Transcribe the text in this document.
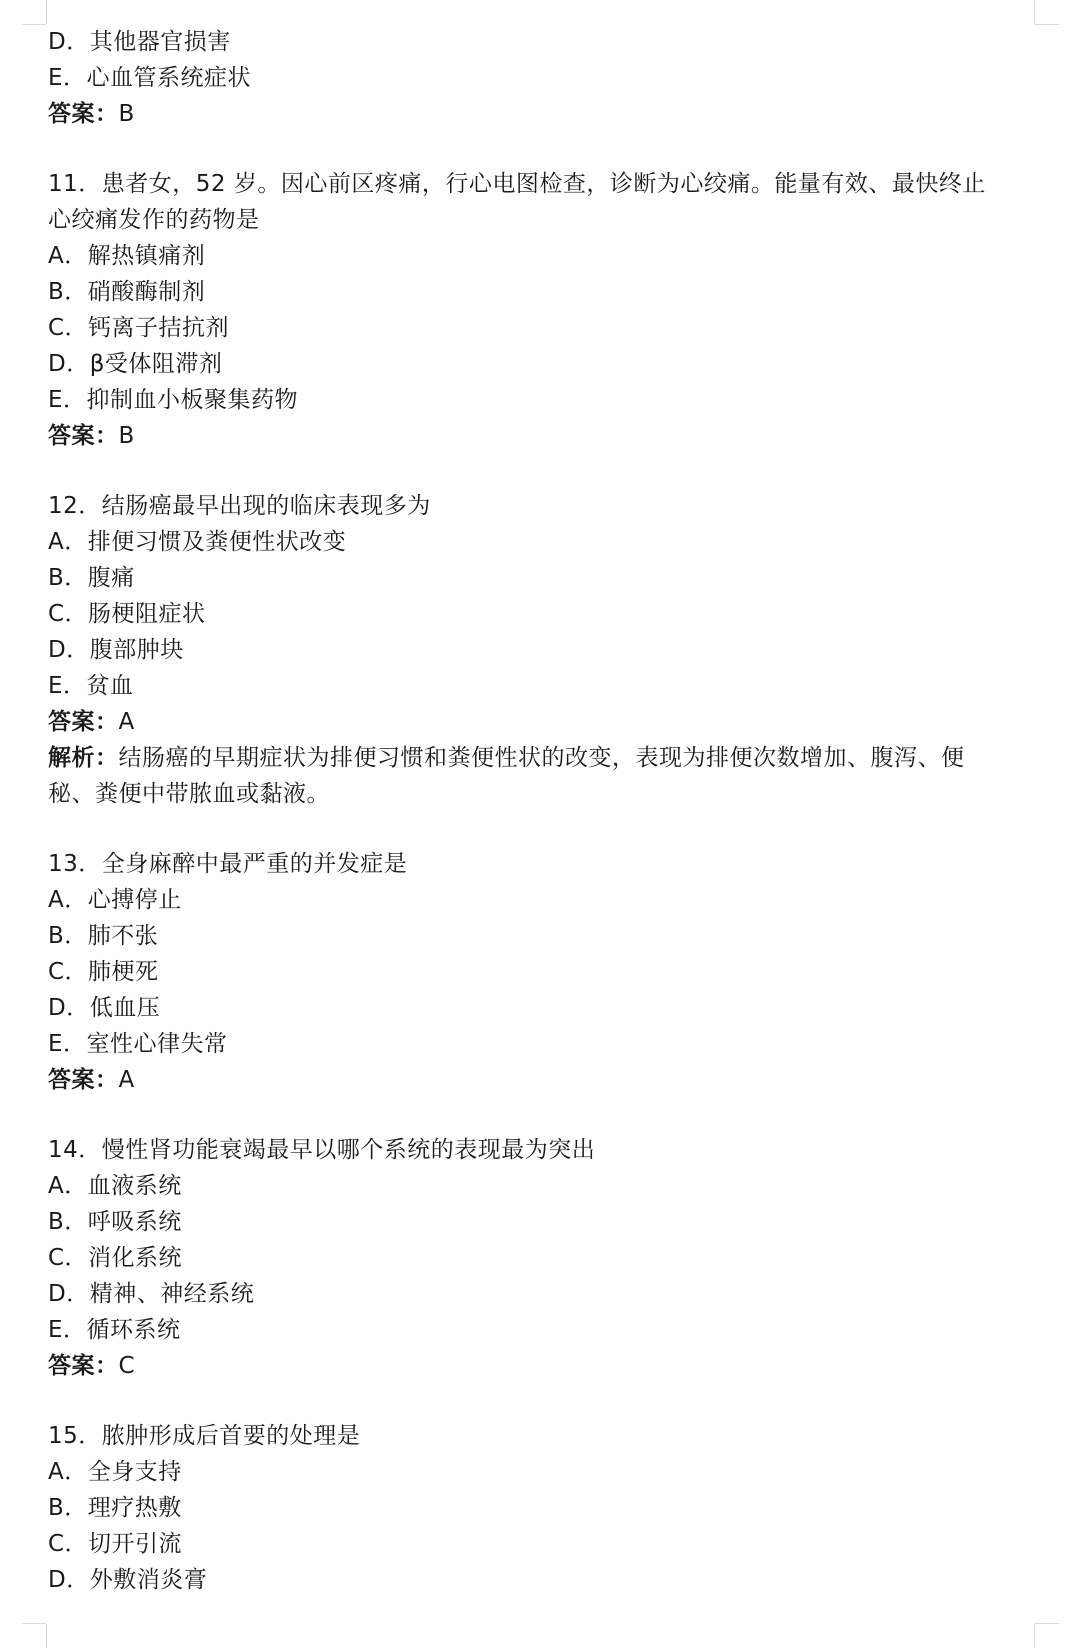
D．其他器官损害
E．心血管系统症状
答案：B
11．患者女，52 岁。因心前区疼痛，行心电图检查，诊断为心绞痛。能量有效、最快终止心绞痛发作的药物是
A．解热镇痛剂
B．硝酸酶制剂
C．钙离子拮抗剂
D．β受体阻滞剂
E．抑制血小板聚集药物
答案：B
12．结肠癌最早出现的临床表现多为
A．排便习惯及粪便性状改变
B．腹痛
C．肠梗阻症状
D．腹部肿块
E．贫血
答案：A
解析：结肠癌的早期症状为排便习惯和粪便性状的改变，表现为排便次数增加、腹泻、便秘、粪便中带脓血或黏液。
13．全身麻醉中最严重的并发症是
A．心搏停止
B．肺不张
C．肺梗死
D．低血压
E．室性心律失常
答案：A
14．慢性肾功能衰竭最早以哪个系统的表现最为突出
A．血液系统
B．呼吸系统
C．消化系统
D．精神、神经系统
E．循环系统
答案：C
15．脓肿形成后首要的处理是
A．全身支持
B．理疗热敷
C．切开引流
D．外敷消炎膏
